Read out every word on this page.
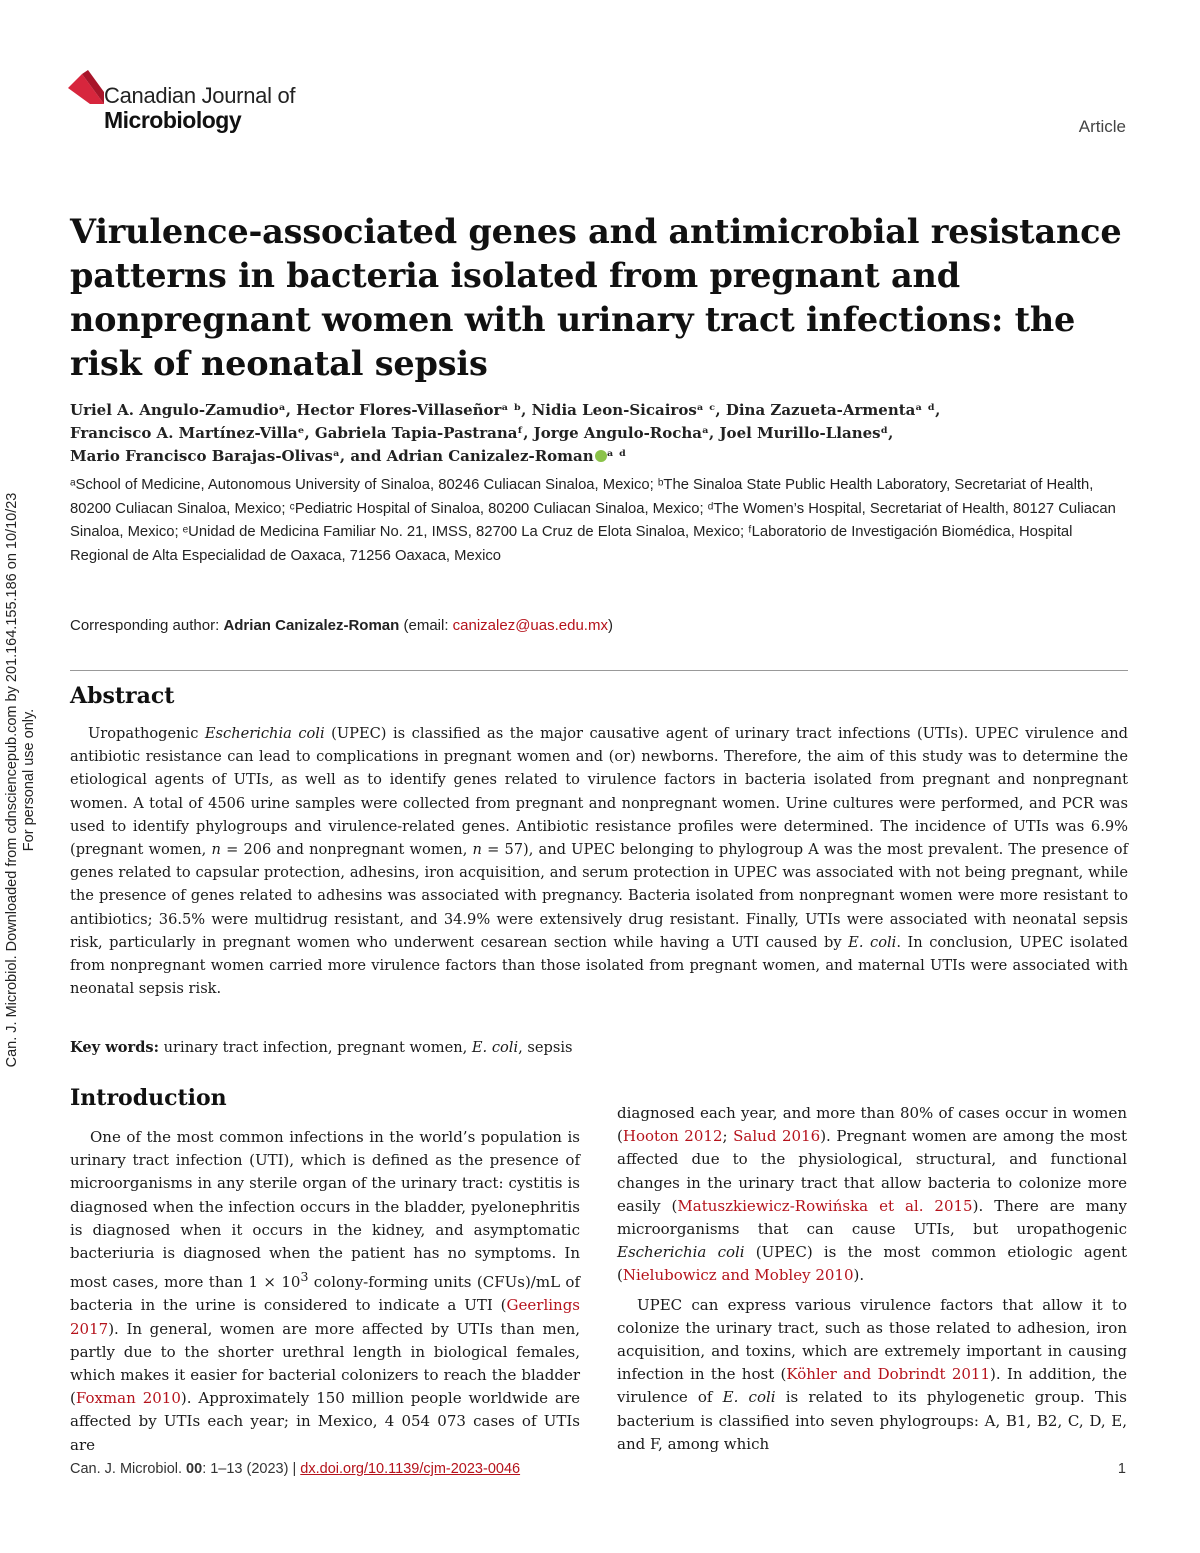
Canadian Journal of
Microbiology	Article
Can. J. Microbiol. Downloaded from cdnsciencepub.com by 201.164.155.186 on 10/10/23 For personal use only.
Virulence-associated genes and antimicrobial resistance patterns in bacteria isolated from pregnant and nonpregnant women with urinary tract infections: the risk of neonatal sepsis
Uriel A. Angulo-Zamudioᵃ, Hector Flores-Villaseñorᵃ ᵇ, Nidia Leon-Sicairosᵃ ᶜ, Dina Zazueta-Armentaᵃ ᵈ,
Francisco A. Martínez-Villaᵉ, Gabriela Tapia-Pastranaᶠ, Jorge Angulo-Rochaᵃ, Joel Murillo-Llanesᵈ,
Mario Francisco Barajas-Olivasᵃ, and Adrian Canizalez-Roman ᵃ ᵈ
ᵃSchool of Medicine, Autonomous University of Sinaloa, 80246 Culiacan Sinaloa, Mexico; ᵇThe Sinaloa State Public Health Laboratory, Secretariat of Health, 80200 Culiacan Sinaloa, Mexico; ᶜPediatric Hospital of Sinaloa, 80200 Culiacan Sinaloa, Mexico; ᵈThe Women’s Hospital, Secretariat of Health, 80127 Culiacan Sinaloa, Mexico; ᵉUnidad de Medicina Familiar No. 21, IMSS, 82700 La Cruz de Elota Sinaloa, Mexico; ᶠLaboratorio de Investigación Biomédica, Hospital Regional de Alta Especialidad de Oaxaca, 71256 Oaxaca, Mexico
Corresponding author: Adrian Canizalez-Roman (email: canizalez@uas.edu.mx)
Abstract

Uropathogenic Escherichia coli (UPEC) is classified as the major causative agent of urinary tract infections (UTIs). UPEC virulence and antibiotic resistance can lead to complications in pregnant women and (or) newborns. Therefore, the aim of this study was to determine the etiological agents of UTIs, as well as to identify genes related to virulence factors in bacteria isolated from pregnant and nonpregnant women. A total of 4506 urine samples were collected from pregnant and nonpregnant women. Urine cultures were performed, and PCR was used to identify phylogroups and virulence-related genes. Antibiotic resistance profiles were determined. The incidence of UTIs was 6.9% (pregnant women, n = 206 and nonpregnant women, n = 57), and UPEC belonging to phylogroup A was the most prevalent. The presence of genes related to capsular protection, adhesins, iron acquisition, and serum protection in UPEC was associated with not being pregnant, while the presence of genes related to adhesins was associated with pregnancy. Bacteria isolated from nonpregnant women were more resistant to antibiotics; 36.5% were multidrug resistant, and 34.9% were extensively drug resistant. Finally, UTIs were associated with neonatal sepsis risk, particularly in pregnant women who underwent cesarean section while having a UTI caused by E. coli. In conclusion, UPEC isolated from nonpregnant women carried more virulence factors than those isolated from pregnant women, and maternal UTIs were associated with neonatal sepsis risk.

Key words: urinary tract infection, pregnant women, E. coli, sepsis
Introduction

One of the most common infections in the world’s population is urinary tract infection (UTI), which is defined as the presence of microorganisms in any sterile organ of the urinary tract: cystitis is diagnosed when the infection occurs in the bladder, pyelonephritis is diagnosed when it occurs in the kidney, and asymptomatic bacteriuria is diagnosed when the patient has no symptoms. In most cases, more than $1 \times 10^3$ colony-forming units (CFUs)/mL of bacteria in the urine is considered to indicate a UTI (Geerlings 2017). In general, women are more affected by UTIs than men, partly due to the shorter urethral length in biological females, which makes it easier for bacterial colonizers to reach the bladder (Foxman 2010). Approximately 150 million people worldwide are affected by UTIs each year; in Mexico, 4 054 073 cases of UTIs are

diagnosed each year, and more than 80% of cases occur in women (Hooton 2012; Salud 2016). Pregnant women are among the most affected due to the physiological, structural, and functional changes in the urinary tract that allow bacteria to colonize more easily (Matuszkiewicz-Rowińska et al. 2015). There are many microorganisms that can cause UTIs, but uropathogenic Escherichia coli (UPEC) is the most common etiologic agent (Nielubowicz and Mobley 2010).

UPEC can express various virulence factors that allow it to colonize the urinary tract, such as those related to adhesion, iron acquisition, and toxins, which are extremely important in causing infection in the host (Köhler and Dobrindt 2011). In addition, the virulence of E. coli is related to its phylogenetic group. This bacterium is classified into seven phylogroups: A, B1, B2, C, D, E, and F, among which

Can. J. Microbiol. 00: 1–13 (2023) | dx.doi.org/10.1139/cjm-2023-0046	1
